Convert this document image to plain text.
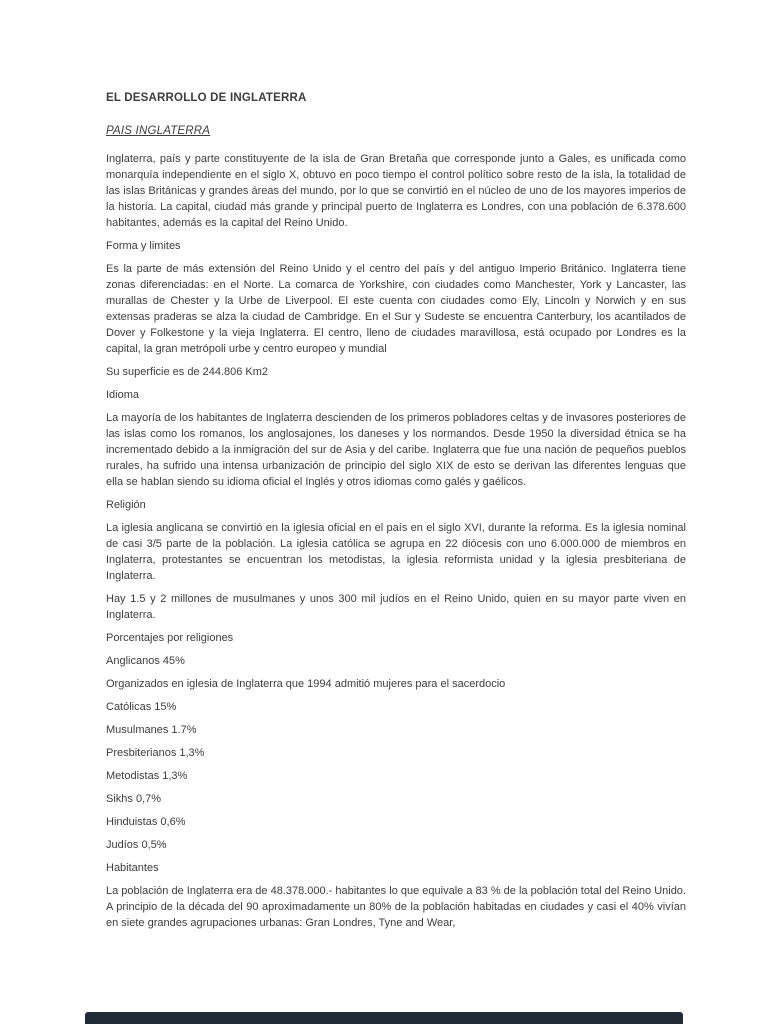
EL DESARROLLO DE INGLATERRA
PAIS INGLATERRA

Inglaterra, país y parte constituyente de la isla de Gran Bretaña que corresponde junto a Gales, es unificada como monarquía independiente en el siglo X, obtuvo en poco tiempo el control político sobre resto de la isla, la totalidad de las islas Británicas y grandes áreas del mundo, por lo que se convirtió en el núcleo de uno de los mayores imperios de la historia. La capital, ciudad más grande y principal puerto de Inglaterra es Londres, con una población de 6.378.600 habitantes, además es la capital del Reino Unido.

Forma y limites

Es la parte de más extensión del Reino Unido y el centro del país y del antiguo Imperio Británico. Inglaterra tiene zonas diferenciadas: en el Norte. La comarca de Yorkshire, con ciudades como Manchester, York y Lancaster, las murallas de Chester y la Urbe de Liverpool. El este cuenta con ciudades como Ely, Lincoln y Norwich y en sus extensas praderas se alza la ciudad de Cambridge. En el Sur y Sudeste se encuentra Canterbury, los acantilados de Dover y Folkestone y la vieja Inglaterra. El centro, lleno de ciudades maravillosa, está ocupado por Londres es la capital, la gran metrópoli urbe y centro europeo y mundial

Su superficie es de 244.806 Km2

Idioma

La mayoría de los habitantes de Inglaterra descienden de los primeros pobladores celtas y de invasores posteriores de las islas como los romanos, los anglosajones, los daneses y los normandos. Desde 1950 la diversidad étnica se ha incrementado debido a la inmigración del sur de Asia y del caribe. Inglaterra que fue una nación de pequeños pueblos rurales, ha sufrido una intensa urbanización de principio del siglo XIX de esto se derivan las diferentes lenguas que ella se hablan siendo su idioma oficial el Inglés y otros idiomas como galés y gaélicos.

Religión

La iglesia anglicana se convirtió en la iglesia oficial en el país en el siglo XVI, durante la reforma. Es la iglesia nominal de casi 3/5 parte de la población. La iglesia católica se agrupa en 22 diócesis con uno 6.000.000 de miembros en Inglaterra, protestantes se encuentran los metodistas, la iglesia reformista unidad y la iglesia presbiteriana de Inglaterra.

Hay 1.5 y 2 millones de musulmanes y unos 300 mil judíos en el Reino Unido, quien en su mayor parte viven en Inglaterra.

Porcentajes por religiones

Anglicanos 45%

Organizados en iglesia de Inglaterra que 1994 admitió mujeres para el sacerdocio

Católicas 15%

Musulmanes 1.7%

Presbiterianos 1,3%

Metodistas 1,3%

Sikhs 0,7%

Hinduistas 0,6%

Judíos 0,5%

Habitantes

La población de Inglaterra era de 48.378.000.- habitantes lo que equivale a 83 % de la población total del Reino Unido. A principio de la década del 90 aproximadamente un 80% de la población habitadas en ciudades y casi el 40% vivían en siete grandes agrupaciones urbanas: Gran Londres, Tyne and Wear,
